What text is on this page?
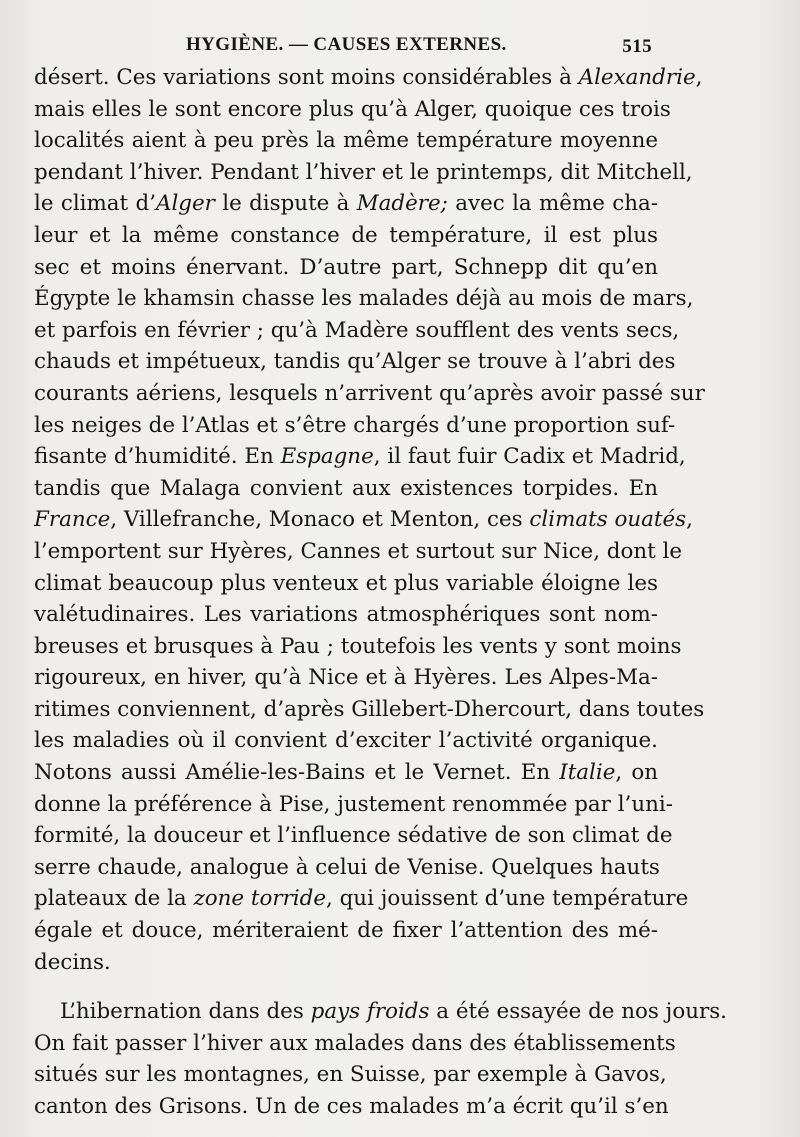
HYGIÈNE. — CAUSES EXTERNES.	515
désert. Ces variations sont moins considérables à Alexandrie,
mais elles le sont encore plus qu’à Alger, quoique ces trois
localités aient à peu près la même température moyenne
pendant l’hiver. Pendant l’hiver et le printemps, dit Mitchell,
le climat d’Alger le dispute à Madère; avec la même cha-
leur et la même constance de température, il est plus
sec et moins énervant. D’autre part, Schnepp dit qu’en
Égypte le khamsin chasse les malades déjà au mois de mars,
et parfois en février ; qu’à Madère soufflent des vents secs,
chauds et impétueux, tandis qu’Alger se trouve à l’abri des
courants aériens, lesquels n’arrivent qu’après avoir passé sur
les neiges de l’Atlas et s’être chargés d’une proportion suf-
fisante d’humidité. En Espagne, il faut fuir Cadix et Madrid,
tandis que Malaga convient aux existences torpides. En
France, Villefranche, Monaco et Menton, ces climats ouatés,
l’emportent sur Hyères, Cannes et surtout sur Nice, dont le
climat beaucoup plus venteux et plus variable éloigne les
valétudinaires. Les variations atmosphériques sont nom-
breuses et brusques à Pau ; toutefois les vents y sont moins
rigoureux, en hiver, qu’à Nice et à Hyères. Les Alpes-Ma-
ritimes conviennent, d’après Gillebert-Dhercourt, dans toutes
les maladies où il convient d’exciter l’activité organique.
Notons aussi Amélie-les-Bains et le Vernet. En Italie, on
donne la préférence à Pise, justement renommée par l’uni-
formité, la douceur et l’influence sédative de son climat de
serre chaude, analogue à celui de Venise. Quelques hauts
plateaux de la zone torride, qui jouissent d’une température
égale et douce, mériteraient de fixer l’attention des mé-
decins.
L’hibernation dans des pays froids a été essayée de nos jours.
On fait passer l’hiver aux malades dans des établissements
situés sur les montagnes, en Suisse, par exemple à Gavos,
canton des Grisons. Un de ces malades m’a écrit qu’il s’en
